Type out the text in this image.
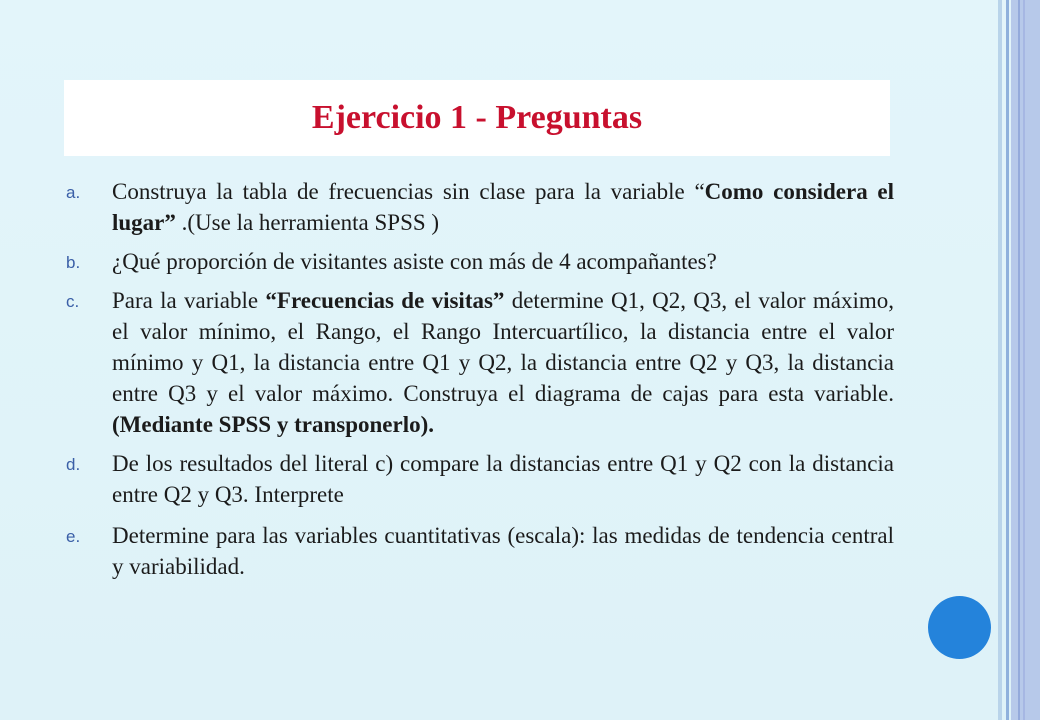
Ejercicio 1 - Preguntas
a. Construya la tabla de frecuencias sin clase para la variable “Como considera el lugar” .(Use la herramienta SPSS )
b. ¿Qué proporción de visitantes asiste con más de 4 acompañantes?
c. Para la variable “Frecuencias de visitas” determine Q1, Q2, Q3, el valor máximo, el valor mínimo, el Rango, el Rango Intercuartílico, la distancia entre el valor mínimo y Q1, la distancia entre Q1 y Q2, la distancia entre Q2 y Q3, la distancia entre Q3 y el valor máximo. Construya el diagrama de cajas para esta variable. (Mediante SPSS y transponerlo).
d. De los resultados del literal c) compare la distancias entre Q1 y Q2 con la distancia entre Q2 y Q3. Interprete
e. Determine para las variables cuantitativas (escala): las medidas de tendencia central y variabilidad.
